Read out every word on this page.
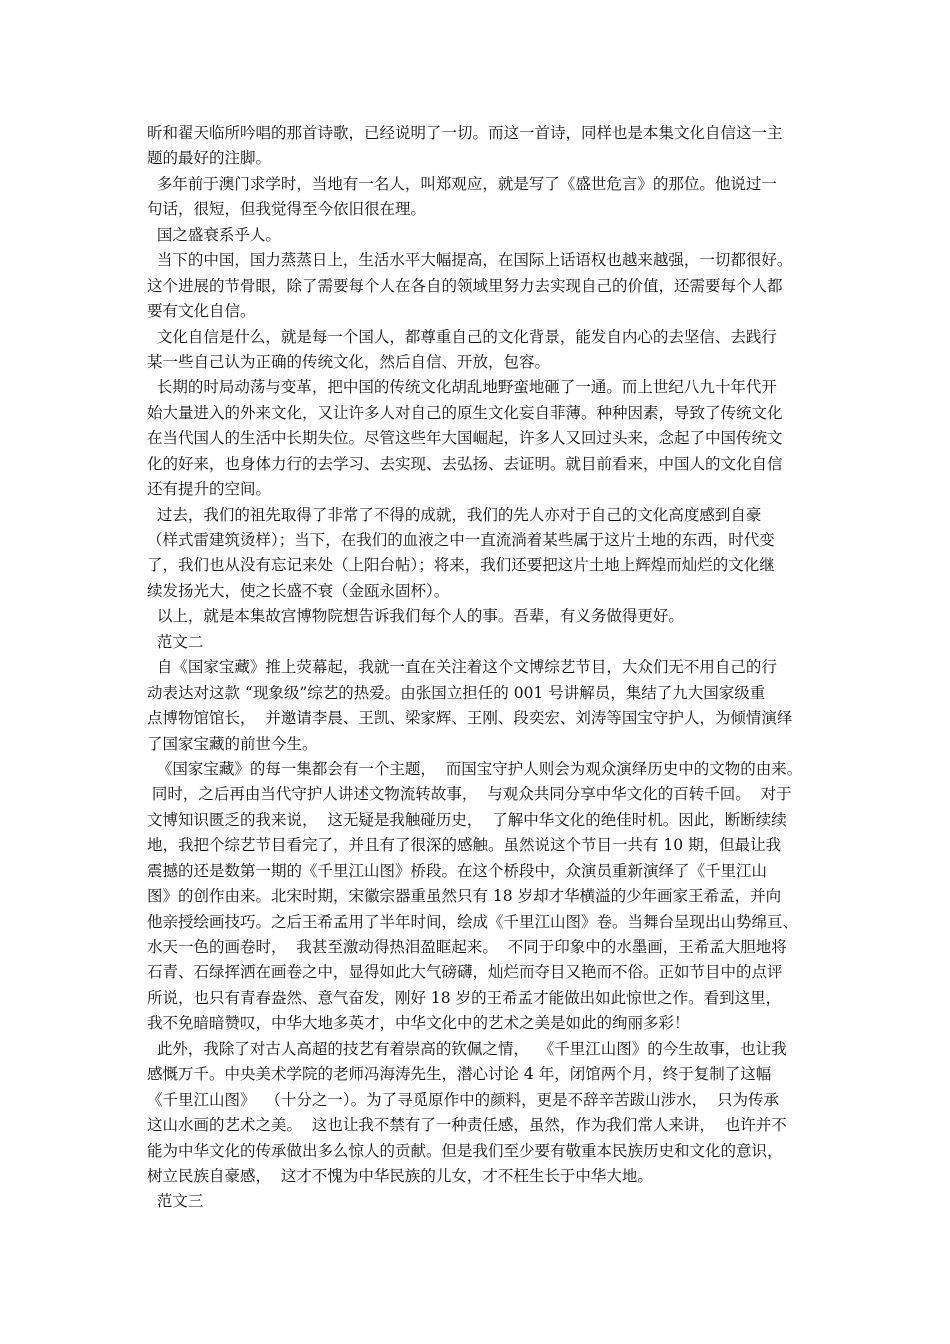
昕和翟天临所吟唱的那首诗歌，已经说明了一切。而这一首诗，同样也是本集文化自信这一主
题的最好的注脚。
多年前于澳门求学时，当地有一名人，叫郑观应，就是写了《盛世危言》的那位。他说过一
句话，很短，但我觉得至今依旧很在理。
国之盛衰系乎人。
当下的中国，国力蒸蒸日上，生活水平大幅提高，在国际上话语权也越来越强，一切都很好。
这个进展的节骨眼，除了需要每个人在各自的领域里努力去实现自己的价值，还需要每个人都
要有文化自信。
文化自信是什么，就是每一个国人，都尊重自己的文化背景，能发自内心的去坚信、去践行
某一些自己认为正确的传统文化，然后自信、开放，包容。
长期的时局动荡与变革，把中国的传统文化胡乱地野蛮地砸了一通。而上世纪八九十年代开
始大量进入的外来文化，又让许多人对自己的原生文化妄自菲薄。种种因素，导致了传统文化
在当代国人的生活中长期失位。尽管这些年大国崛起，许多人又回过头来，念起了中国传统文
化的好来，也身体力行的去学习、去实现、去弘扬、去证明。就目前看来，中国人的文化自信
还有提升的空间。
过去，我们的祖先取得了非常了不得的成就，我们的先人亦对于自己的文化高度感到自豪
（样式雷建筑烫样）；当下，在我们的血液之中一直流淌着某些属于这片土地的东西，时代变
了，我们也从没有忘记来处（上阳台帖）；将来，我们还要把这片土地上辉煌而灿烂的文化继
续发扬光大，使之长盛不衰（金瓯永固杯）。
以上，就是本集故宫博物院想告诉我们每个人的事。吾辈，有义务做得更好。
范文二
自《国家宝藏》推上荧幕起，我就一直在关注着这个文博综艺节目，大众们无不用自己的行
动表达对这款 “现象级”综艺的热爱。由张国立担任的 001 号讲解员，集结了九大国家级重
点博物馆馆长，  并邀请李晨、王凯、梁家辉、王刚、段奕宏、刘涛等国宝守护人，为倾情演绎
了国家宝藏的前世今生。
《国家宝藏》的每一集都会有一个主题，  而国宝守护人则会为观众演绎历史中的文物的由来。
同时，之后再由当代守护人讲述文物流转故事，  与观众共同分享中华文化的百转千回。  对于
文博知识匮乏的我来说，  这无疑是我触碰历史，  了解中华文化的绝佳时机。因此，断断续续
地，我把个综艺节目看完了，并且有了很深的感触。虽然说这个节目一共有 10 期，但最让我
震撼的还是数第一期的《千里江山图》桥段。在这个桥段中，众演员重新演绎了《千里江山
图》的创作由来。北宋时期，宋徽宗器重虽然只有 18 岁却才华横溢的少年画家王希孟，并向
他亲授绘画技巧。之后王希孟用了半年时间，绘成《千里江山图》卷。当舞台呈现出山势绵亘、
水天一色的画卷时，  我甚至激动得热泪盈眶起来。  不同于印象中的水墨画，王希孟大胆地将
石青、石绿挥洒在画卷之中，显得如此大气磅礴，灿烂而夺目又艳而不俗。正如节目中的点评
所说，也只有青春盎然、意气奋发，刚好 18 岁的王希孟才能做出如此惊世之作。看到这里，
我不免暗暗赞叹，中华大地多英才，中华文化中的艺术之美是如此的绚丽多彩！
此外，我除了对古人高超的技艺有着崇高的钦佩之情，  《千里江山图》的今生故事，也让我
感慨万千。中央美术学院的老师冯海涛先生，潜心讨论 4 年，闭馆两个月，终于复制了这幅
《千里江山图》  （十分之一）。为了寻觅原作中的颜料，更是不辞辛苦跋山涉水，  只为传承
这山水画的艺术之美。  这也让我不禁有了一种责任感，虽然，作为我们常人来讲，  也许并不
能为中华文化的传承做出多么惊人的贡献。但是我们至少要有敬重本民族历史和文化的意识，
树立民族自豪感，  这才不愧为中华民族的儿女，才不枉生长于中华大地。
范文三
